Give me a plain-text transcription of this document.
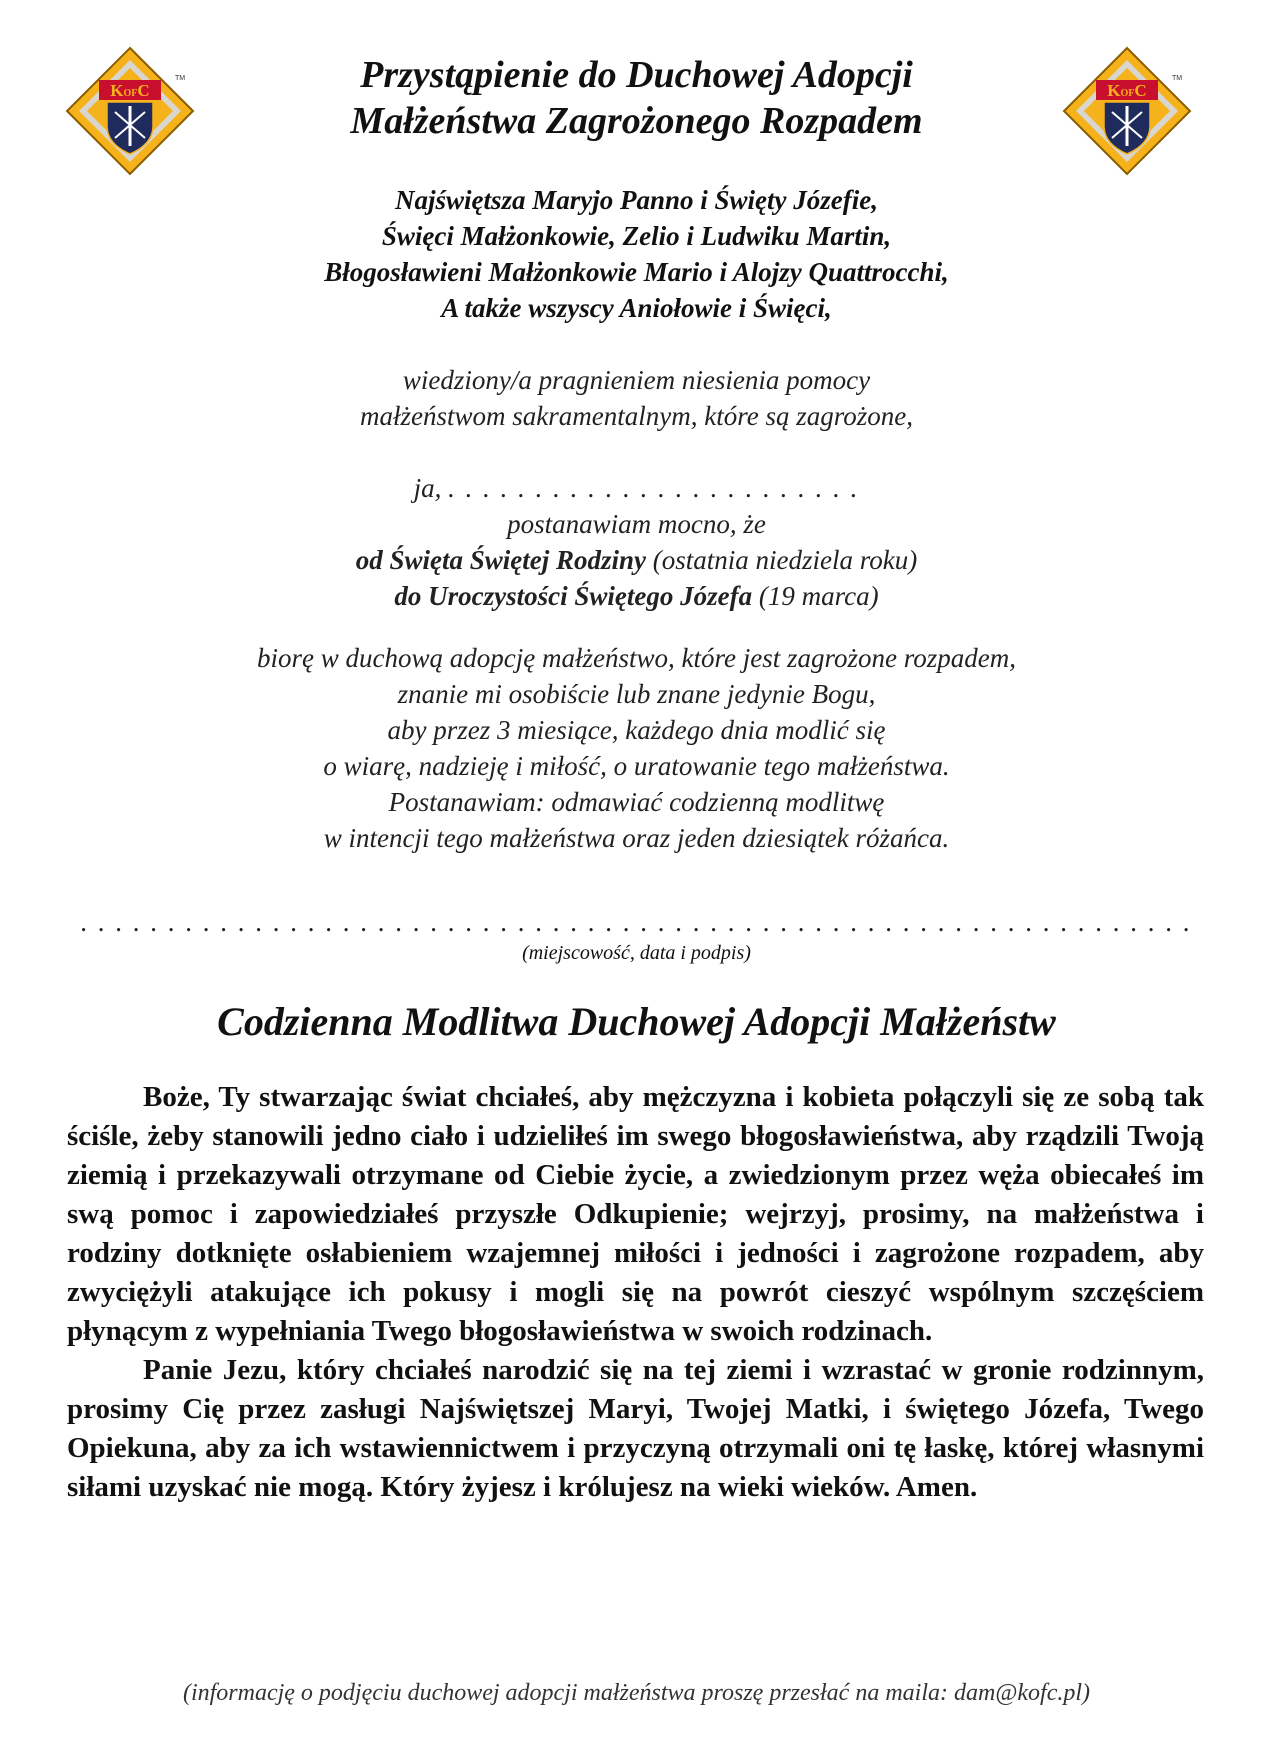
KOFC
TM
KOFC
TM
Przystąpienie do Duchowej Adopcji
Małżeństwa Zagrożonego Rozpadem
Najświętsza Maryjo Panno i Święty Józefie,
Święci Małżonkowie, Zelio i Ludwiku Martin,
Błogosławieni Małżonkowie Mario i Alojzy Quattrocchi,
A także wszyscy Aniołowie i Święci,
wiedziony/a pragnieniem niesienia pomocy
małżeństwom sakramentalnym, które są zagrożone,
ja, . . . . . . . . . . . . . . . . . . . . . . . .
postanawiam mocno, że
od Święta Świętej Rodziny (ostatnia niedziela roku)
do Uroczystości Świętego Józefa (19 marca)
biorę w duchową adopcję małżeństwo, które jest zagrożone rozpadem,
znanie mi osobiście lub znane jedynie Bogu,
aby przez 3 miesiące, każdego dnia modlić się
o wiarę, nadzieję i miłość, o uratowanie tego małżeństwa.
Postanawiam: odmawiać codzienną modlitwę
w intencji tego małżeństwa oraz jeden dziesiątek różańca.
. . . . . . . . . . . . . . . . . . . . . . . . . . . . . . . . . . . . . . . . . . . . . . . . . . . . . . . . . . . . . . . .
(miejscowość, data i podpis)
Codzienna Modlitwa Duchowej Adopcji Małżeństw

Boże, Ty stwarzając świat chciałeś, aby mężczyzna i kobieta połączyli się ze sobą tak ściśle, żeby stanowili jedno ciało i udzieliłeś im swego błogosławieństwa, aby rządzili Twoją ziemią i przekazywali otrzymane od Ciebie życie, a zwiedzionym przez węża obiecałeś im swą pomoc i zapowiedziałeś przyszłe Odkupienie; wejrzyj, prosimy, na małżeństwa i rodziny dotknięte osłabieniem wzajemnej miłości i jedności i zagrożone rozpadem, aby zwyciężyli atakujące ich pokusy i mogli się na powrót cieszyć wspólnym szczęściem płynącym z wypełniania Twego błogosławieństwa w swoich rodzinach.

Panie Jezu, który chciałeś narodzić się na tej ziemi i wzrastać w gronie rodzinnym, prosimy Cię przez zasługi Najświętszej Maryi, Twojej Matki, i świętego Józefa, Twego Opiekuna, aby za ich wstawiennictwem i przyczyną otrzymali oni tę łaskę, której własnymi siłami uzyskać nie mogą. Który żyjesz i królujesz na wieki wieków. Amen.

(informację o podjęciu duchowej adopcji małżeństwa proszę przesłać na maila: dam@kofc.pl)
